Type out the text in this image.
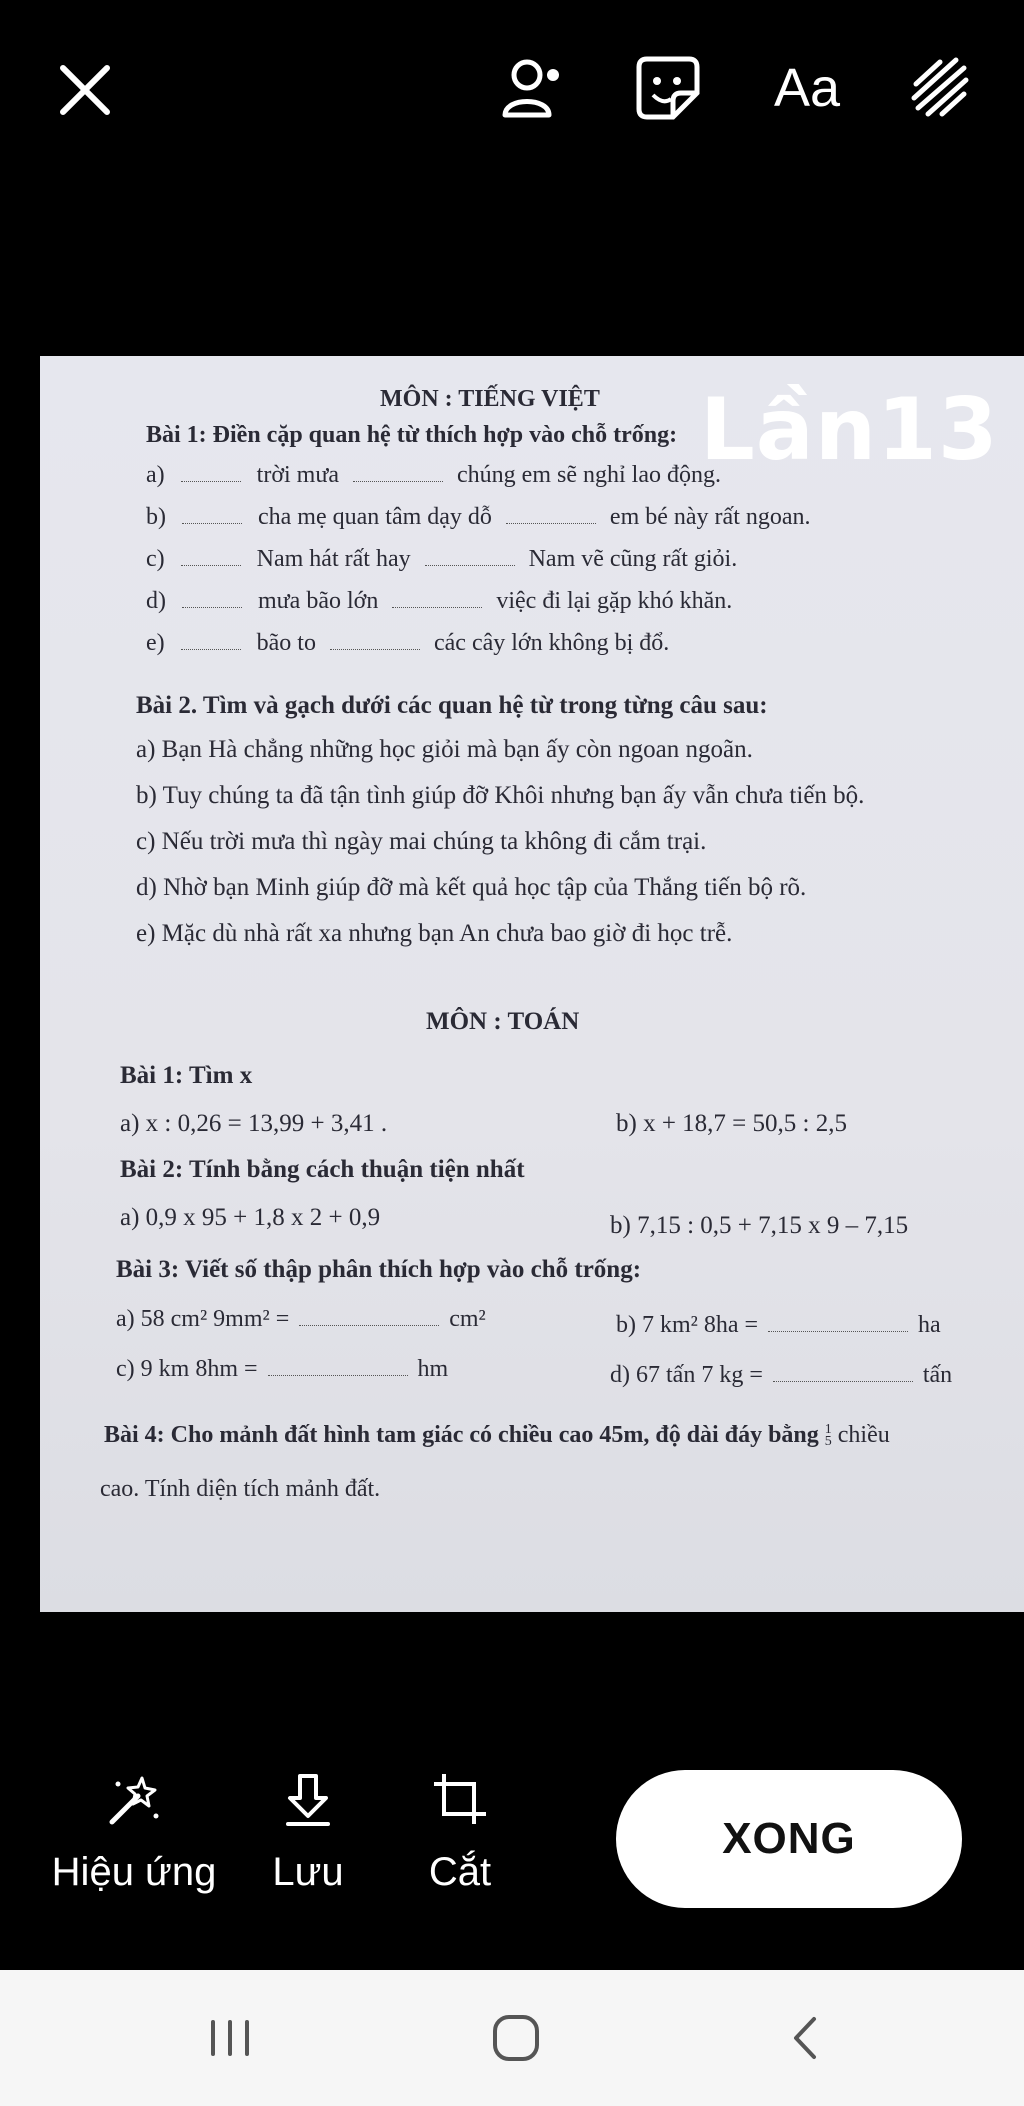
Aa
MÔN : TIẾNG VIỆT
Bài 1: Điền cặp quan hệ từ thích hợp vào chỗ trống:
a)	trời mưa	chúng em sẽ nghỉ lao động.
b)	cha mẹ quan tâm dạy dỗ	em bé này rất ngoan.
c)	Nam hát rất hay	Nam vẽ cũng rất giỏi.
d)	mưa bão lớn	việc đi lại gặp khó khăn.
e)	bão to	các cây lớn không bị đổ.
Bài 2. Tìm và gạch dưới các quan hệ từ trong từng câu sau:
a) Bạn Hà chẳng những học giỏi mà bạn ấy còn ngoan ngoãn.
b) Tuy chúng ta đã tận tình giúp đỡ Khôi nhưng bạn ấy vẫn chưa tiến bộ.
c) Nếu trời mưa thì ngày mai chúng ta không đi cắm trại.
d) Nhờ bạn Minh giúp đỡ mà kết quả học tập của Thắng tiến bộ rõ.
e) Mặc dù nhà rất xa nhưng bạn An chưa bao giờ đi học trễ.
MÔN : TOÁN
Bài 1: Tìm x
a) x : 0,26 = 13,99 + 3,41 .	b) x + 18,7 = 50,5 : 2,5
Bài 2: Tính bằng cách thuận tiện nhất
a) 0,9 x 95 + 1,8 x 2 + 0,9	b) 7,15 : 0,5 + 7,15 x 9 – 7,15
Bài 3: Viết số thập phân thích hợp vào chỗ trống:
a) 58 cm² 9mm² =	cm²	b) 7 km² 8ha =	ha
c) 9 km 8hm =	hm	d) 67 tấn 7 kg =	tấn
Bài 4: Cho mảnh đất hình tam giác có chiều cao 45m, độ dài đáy bằng 1
5 chiều
cao. Tính diện tích mảnh đất.
Lần13
Hiệu ứng Lưu Cắt
XONG
